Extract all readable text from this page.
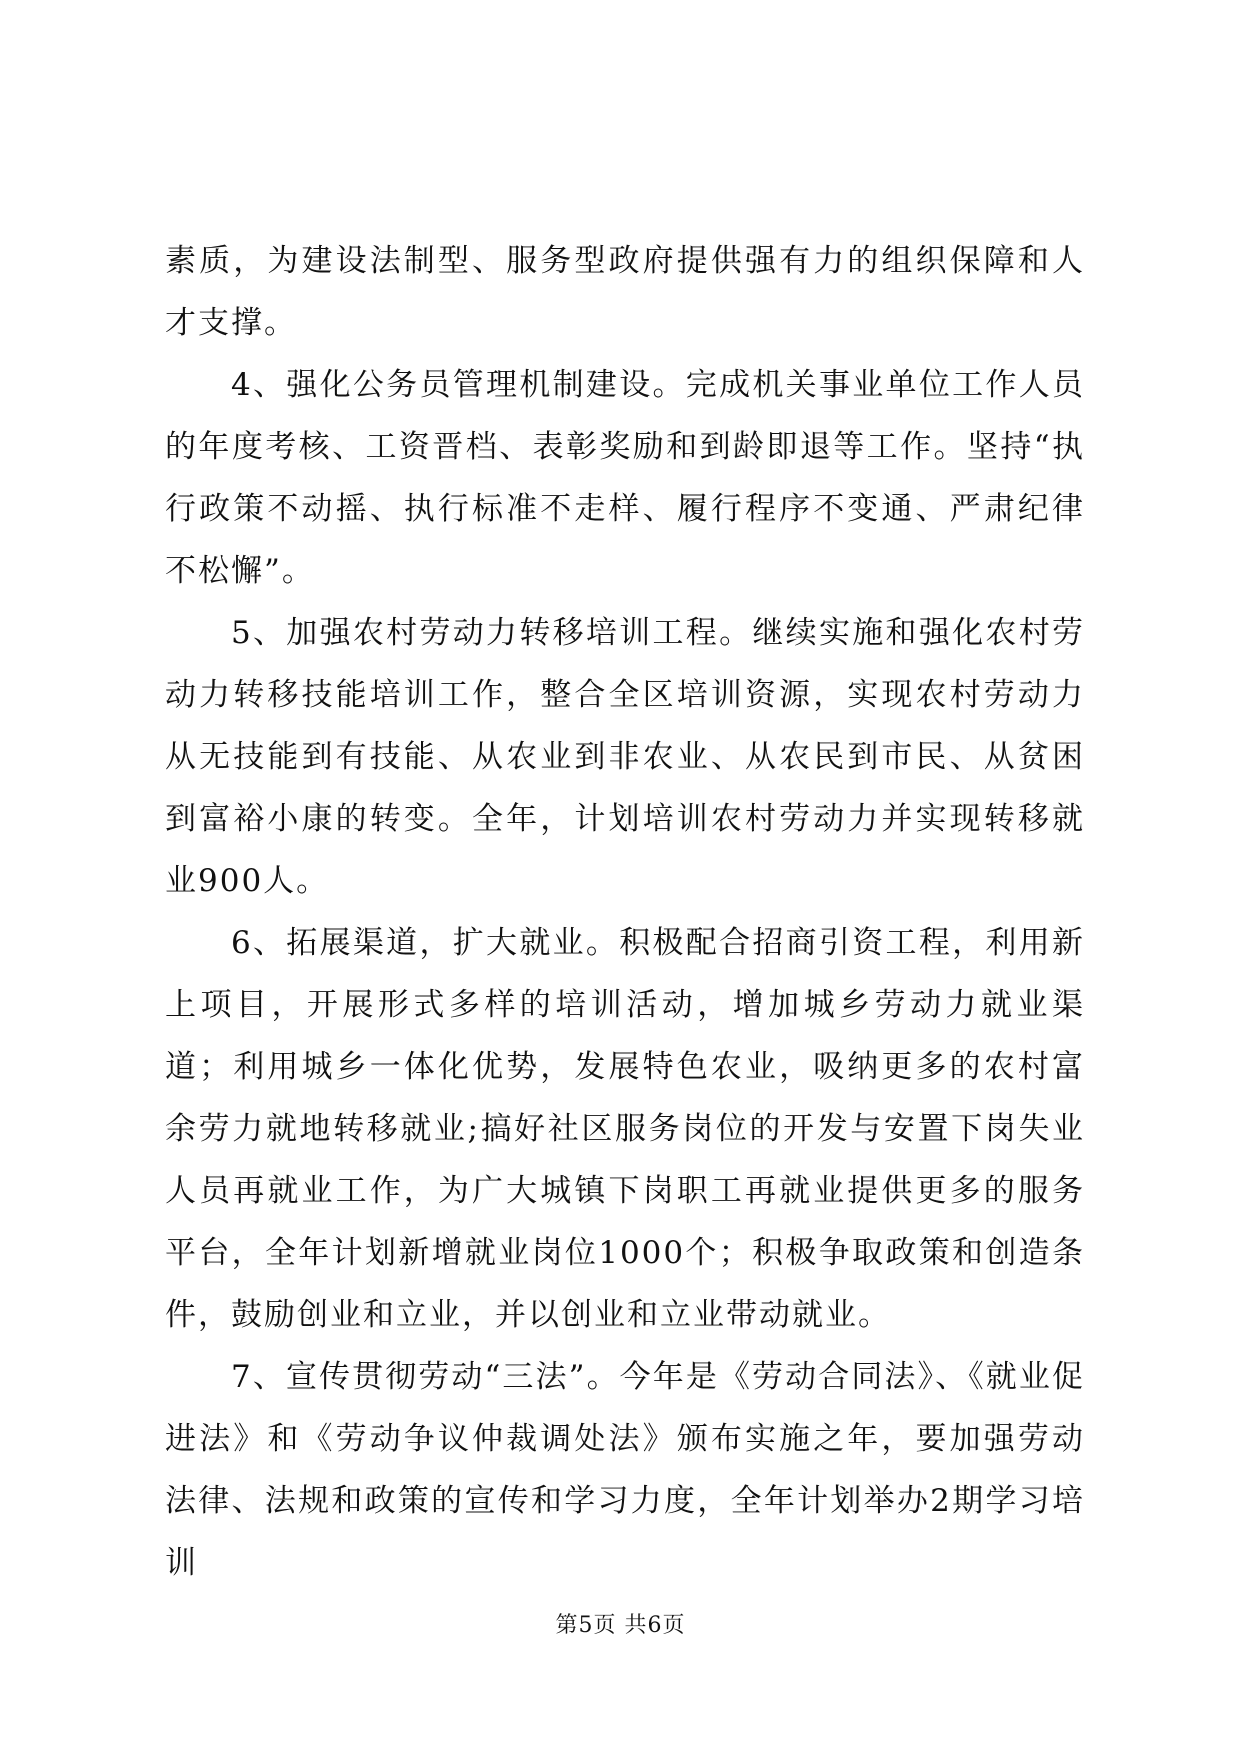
素质，为建设法制型、服务型政府提供强有力的组织保障和人才支撑。

4、强化公务员管理机制建设。完成机关事业单位工作人员的年度考核、工资晋档、表彰奖励和到龄即退等工作。坚持“执行政策不动摇、执行标准不走样、履行程序不变通、严肃纪律不松懈”。

5、加强农村劳动力转移培训工程。继续实施和强化农村劳动力转移技能培训工作，整合全区培训资源，实现农村劳动力从无技能到有技能、从农业到非农业、从农民到市民、从贫困到富裕小康的转变。全年，计划培训农村劳动力并实现转移就业900人。

6、拓展渠道，扩大就业。积极配合招商引资工程，利用新上项目，开展形式多样的培训活动，增加城乡劳动力就业渠道；利用城乡一体化优势，发展特色农业，吸纳更多的农村富余劳力就地转移就业;搞好社区服务岗位的开发与安置下岗失业人员再就业工作，为广大城镇下岗职工再就业提供更多的服务平台，全年计划新增就业岗位1000个；积极争取政策和创造条件，鼓励创业和立业，并以创业和立业带动就业。

7、宣传贯彻劳动“三法”。今年是《劳动合同法》、《就业促进法》和《劳动争议仲裁调处法》颁布实施之年，要加强劳动法律、法规和政策的宣传和学习力度，全年计划举办2期学习培训

第5页 共6页
